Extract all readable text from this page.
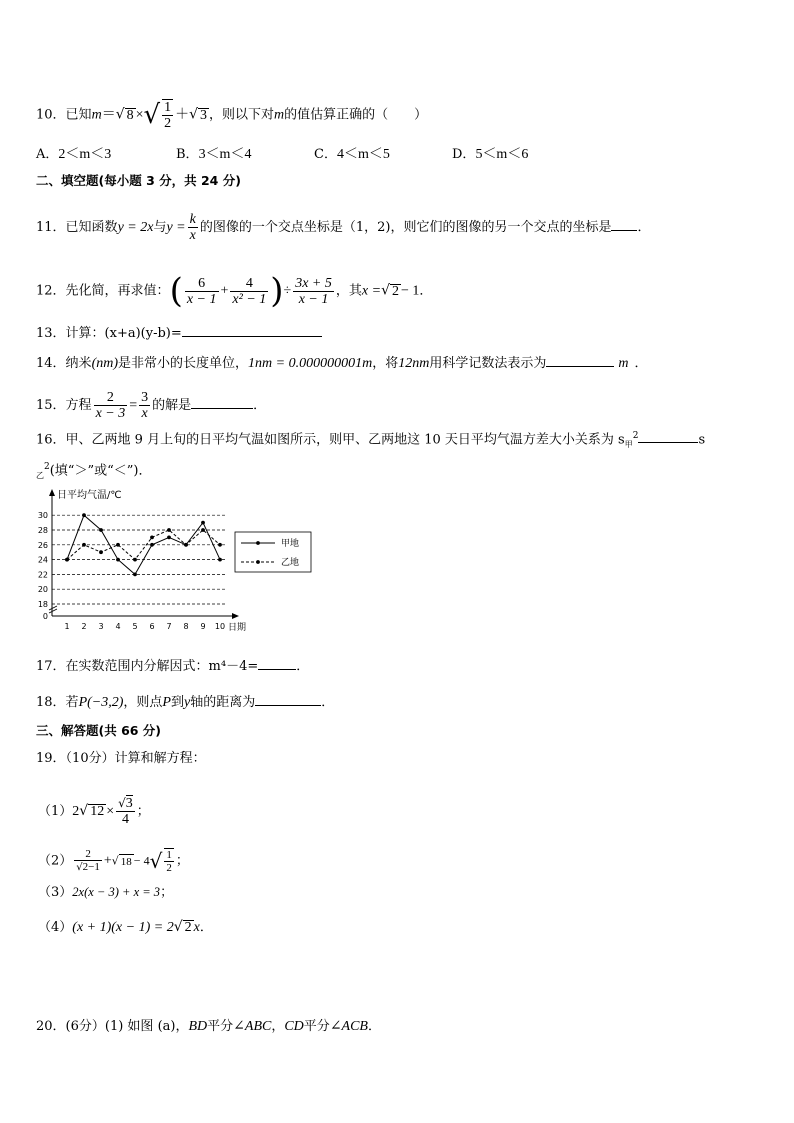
10．已知m＝√ 8 ×√ $\frac{1}{2}$ ＋√ 3 ，则以下对m的值估算正确的（　　）
A．2＜m＜3	B．3＜m＜4	C．4＜m＜5	D．5＜m＜6
二、填空题(每小题 3 分，共 24 分)
11．已知函数y = 2x与$y = \frac{k}{x}$ 的图像的一个交点坐标是（1，2)，则它们的图像的另一个交点的坐标是 ．
12．先化简，再求值：( $\frac{6}{x - 1} + \frac{4}{\text{x² − 1}}$ )÷ $\frac{3x + 5}{x - 1}$ ，其x =√ 2 − 1．
13．计算：(x+a)(y-b)=
14．纳米(nm)是非常小的长度单位，1nm = 0.000000001m，将12nm用科学记数法表示为	m ．
15．方程 $\frac{2}{x - 3} = \frac{3}{x}$ 的解是	．
16．甲、乙两地 9 月上旬的日平均气温如图所示，则甲、乙两地这 10 天日平均气温方差大小关系为 $s_甲^2$	s
$_乙^2$(填“＞”或“＜”)．
18
20
22
24
26
28
30
0
1 2 3 4 5 6 7 8 9 10 日期
日平均气温/℃
甲地
乙地
17．在实数范围内分解因式：m⁴－4=	．
18．若P(−3,2)，则点P到y轴的距离为	．
三、解答题(共 66 分)
19．（10分）计算和解方程：
（1）2√ $12 \times \frac{√3}{4}$ ；
$(2) \frac{2}{√2-1}$ +√ $18 - 4√ \frac{1}{2}$ ；
（3）2x(x − 3) + x = 3；
（4）(x + 1)(x − 1) = 2√ 2 x．
20．(6分）(1) 如图 (a)，BD平分∠ABC，CD平分∠ACB．
